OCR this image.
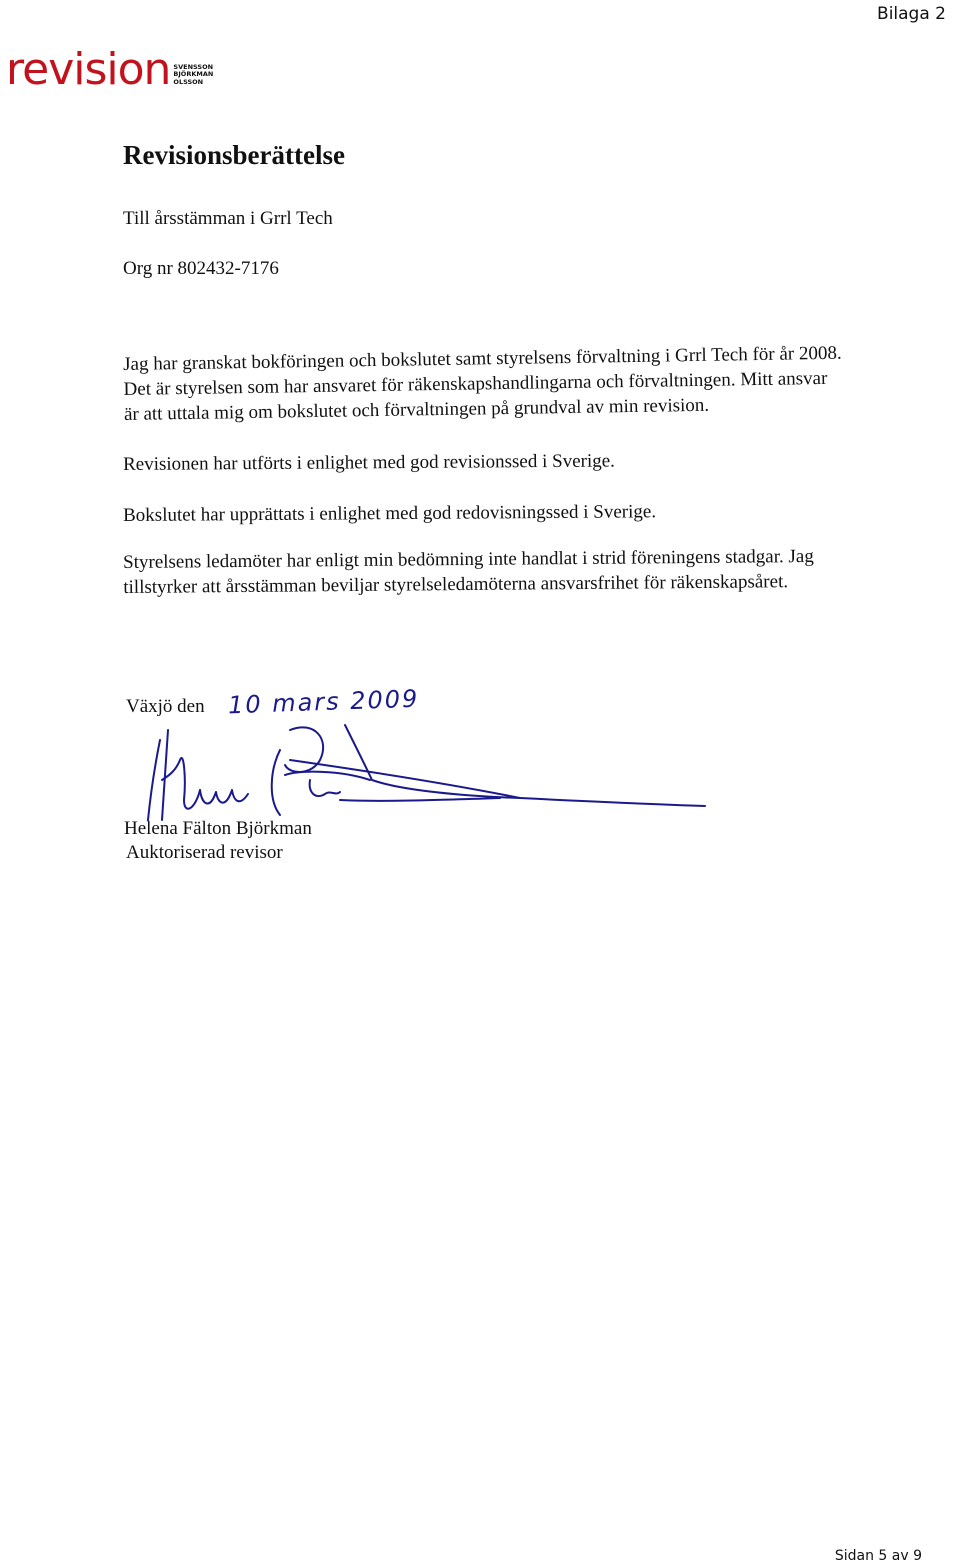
Bilaga 2
revision SVENSSON
BJÖRKMAN
OLSSON
Revisionsberättelse
Till årsstämman i Grrl Tech
Org nr 802432-7176
Jag har granskat bokföringen och bokslutet samt styrelsens förvaltning i Grrl Tech för år 2008.
Det är styrelsen som har ansvaret för räkenskapshandlingarna och förvaltningen. Mitt ansvar
är att uttala mig om bokslutet och förvaltningen på grundval av min revision.
Revisionen har utförts i enlighet med god revisionssed i Sverige.
Bokslutet har upprättats i enlighet med god redovisningssed i Sverige.
Styrelsens ledamöter har enligt min bedömning inte handlat i strid föreningens stadgar. Jag
tillstyrker att årsstämman beviljar styrelseledamöterna ansvarsfrihet för räkenskapsåret.
Växjö den 10 mars 2009
Helena Fälton Björkman
Auktoriserad revisor
Sidan 5 av 9
